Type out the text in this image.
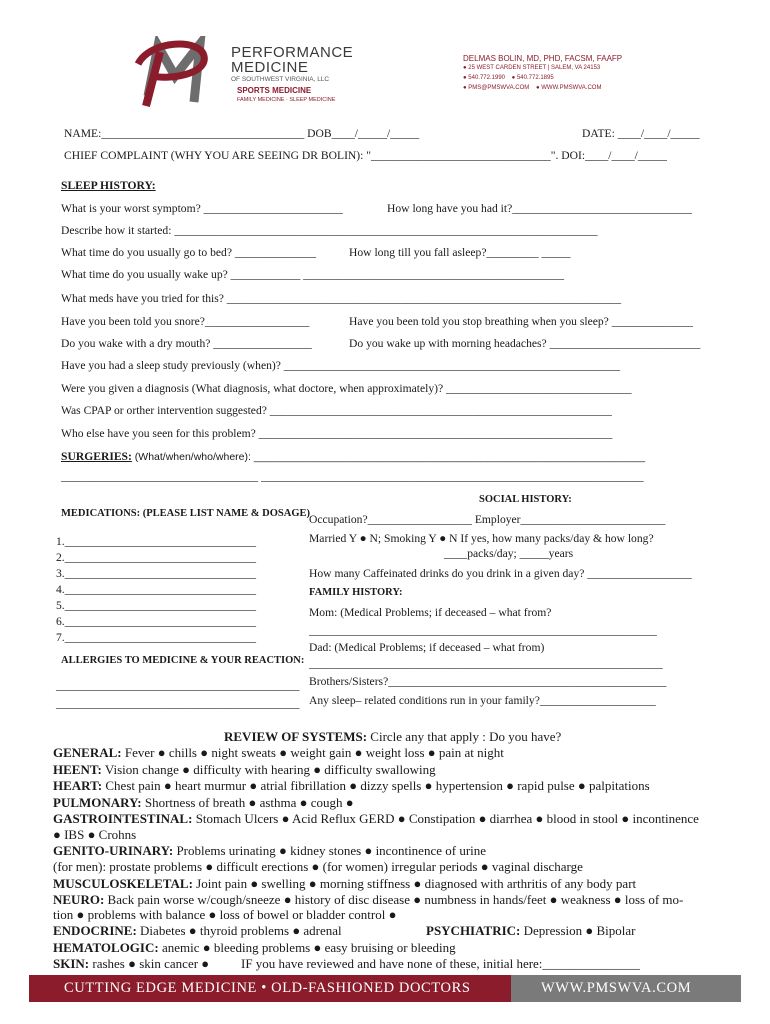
PERFORMANCE
MEDICINE
OF SOUTHWEST VIRGINIA, LLC
SPORTS MEDICINE
FAMILY MEDICINE · SLEEP MEDICINE
DELMAS BOLIN, MD, PHD, FACSM, FAAFP
● 25 WEST CARDEN STREET | SALEM, VA 24153
● 540.772.1990 ● 540.772.1895
● PMS@PMSWVA.COM ● WWW.PMSWVA.COM
NAME:___________________________________ DOB____/_____/_____	DATE: ____/____/_____
CHIEF COMPLAINT (WHY YOU ARE SEEING DR BOLIN): "_______________________________". DOI:____/____/_____
SLEEP HISTORY:
What is your worst symptom? ________________________	How long have you had it?_______________________________
Describe how it started: _________________________________________________________________________
What time do you usually go to bed? ______________	How long till you fall asleep?_________ _____
What time do you usually wake up? ____________ _____________________________________________
What meds have you tried for this? ____________________________________________________________________
Have you been told you snore?__________________	Have you been told you stop breathing when you sleep? ______________
Do you wake with a dry mouth? _________________	Do you wake up with morning headaches? __________________________
Have you had a sleep study previously (when)? __________________________________________________________
Were you given a diagnosis (What diagnosis, what doctore, when approximately)? ________________________________
Was CPAP or orther intervention suggested? ___________________________________________________________
Who else have you seen for this problem? _____________________________________________________________
SURGERIES: (What/when/who/where): ___________________________________________________________________
__________________________________ __________________________________________________________________
MEDICATIONS: (PLEASE LIST NAME & DOSAGE)
1._________________________________
2._________________________________
3._________________________________
4._________________________________
5._________________________________
6._________________________________
7._________________________________
ALLERGIES TO MEDICINE & YOUR REACTION:
__________________________________________
__________________________________________
SOCIAL HISTORY:
Occupation?__________________ Employer_________________________
Married Y ● N; Smoking Y ● N If yes, how many packs/day & how long?
____packs/day; _____years
How many Caffeinated drinks do you drink in a given day? __________________
FAMILY HISTORY:
Mom: (Medical Problems; if deceased – what from?
____________________________________________________________
Dad: (Medical Problems; if deceased – what from)
_____________________________________________________________
Brothers/Sisters?________________________________________________
Any sleep– related conditions run in your family?____________________
REVIEW OF SYSTEMS: Circle any that apply : Do you have?
GENERAL: Fever ● chills ● night sweats ● weight gain ● weight loss ● pain at night
HEENT: Vision change ● difficulty with hearing ● difficulty swallowing
HEART: Chest pain ● heart murmur ● atrial fibrillation ● dizzy spells ● hypertension ● rapid pulse ● palpitations
PULMONARY: Shortness of breath ● asthma ● cough ●
GASTROINTESTINAL: Stomach Ulcers ● Acid Reflux GERD ● Constipation ● diarrhea ● blood in stool ● incontinence
● IBS ● Crohns
GENITO-URINARY: Problems urinating ● kidney stones ● incontinence of urine
(for men): prostate problems ● difficult erections ● (for women) irregular periods ● vaginal discharge
MUSCULOSKELETAL: Joint pain ● swelling ● morning stiffness ● diagnosed with arthritis of any body part
NEURO: Back pain worse w/cough/sneeze ● history of disc disease ● numbness in hands/feet ● weakness ● loss of mo-
tion ● problems with balance ● loss of bowel or bladder control ●
ENDOCRINE: Diabetes ● thyroid problems ● adrenal	PSYCHIATRIC: Depression ● Bipolar
HEMATOLOGIC: anemic ● bleeding problems ● easy bruising or bleeding
SKIN: rashes ● skin cancer ● IF you have reviewed and have none of these, initial here:_______________
CUTTING EDGE MEDICINE • OLD-FASHIONED DOCTORS	WWW.PMSWVA.COM
